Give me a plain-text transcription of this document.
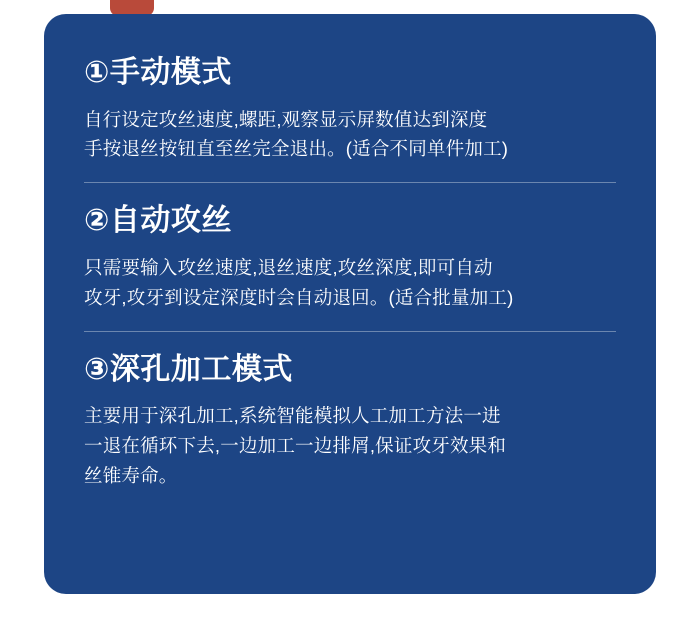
①手动模式
自行设定攻丝速度,螺距,观察显示屏数值达到深度
手按退丝按钮直至丝完全退出。(适合不同单件加工)
②自动攻丝
只需要输入攻丝速度,退丝速度,攻丝深度,即可自动
攻牙,攻牙到设定深度时会自动退回。(适合批量加工)
③深孔加工模式
主要用于深孔加工,系统智能模拟人工加工方法一进
一退在循环下去,一边加工一边排屑,保证攻牙效果和
丝锥寿命。
